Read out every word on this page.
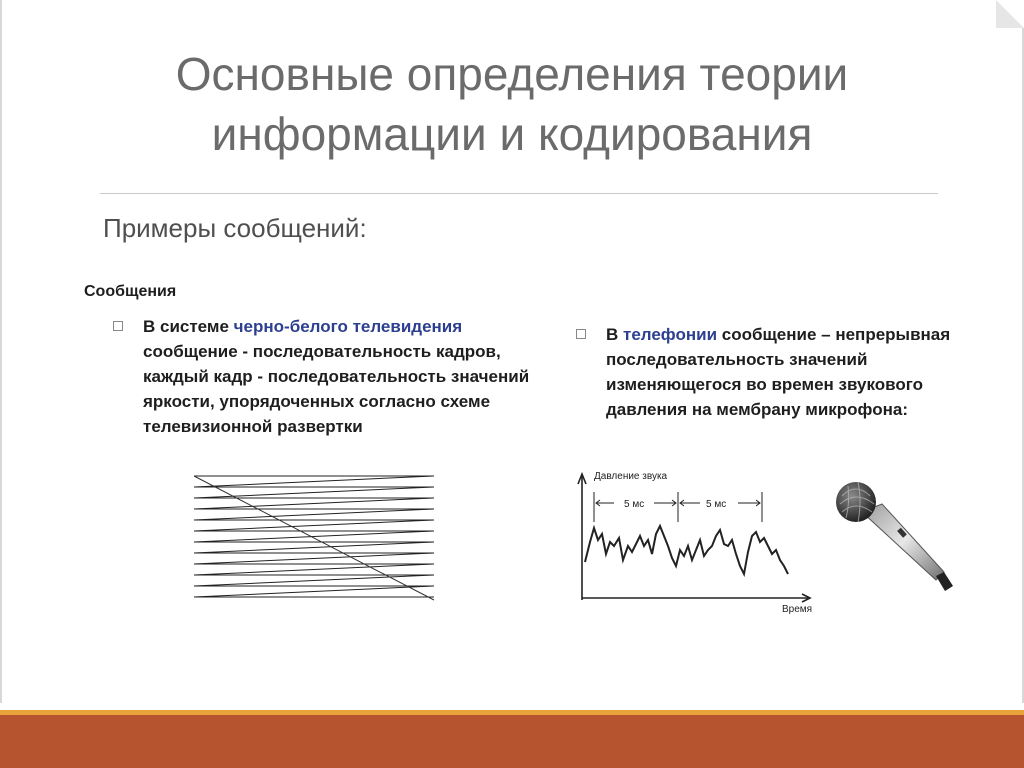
Основные определения теории
информации и кодирования
Примеры сообщений:
Сообщения
В системе черно-белого телевидения сообщение - последовательность кадров, каждый кадр - последовательность значений яркости, упорядоченных согласно схеме телевизионной развертки
В телефонии сообщение – непрерывная последовательность значений изменяющегося во времен звукового давления на мембрану микрофона:
Давление звука
Время
5 мс	5 мс
